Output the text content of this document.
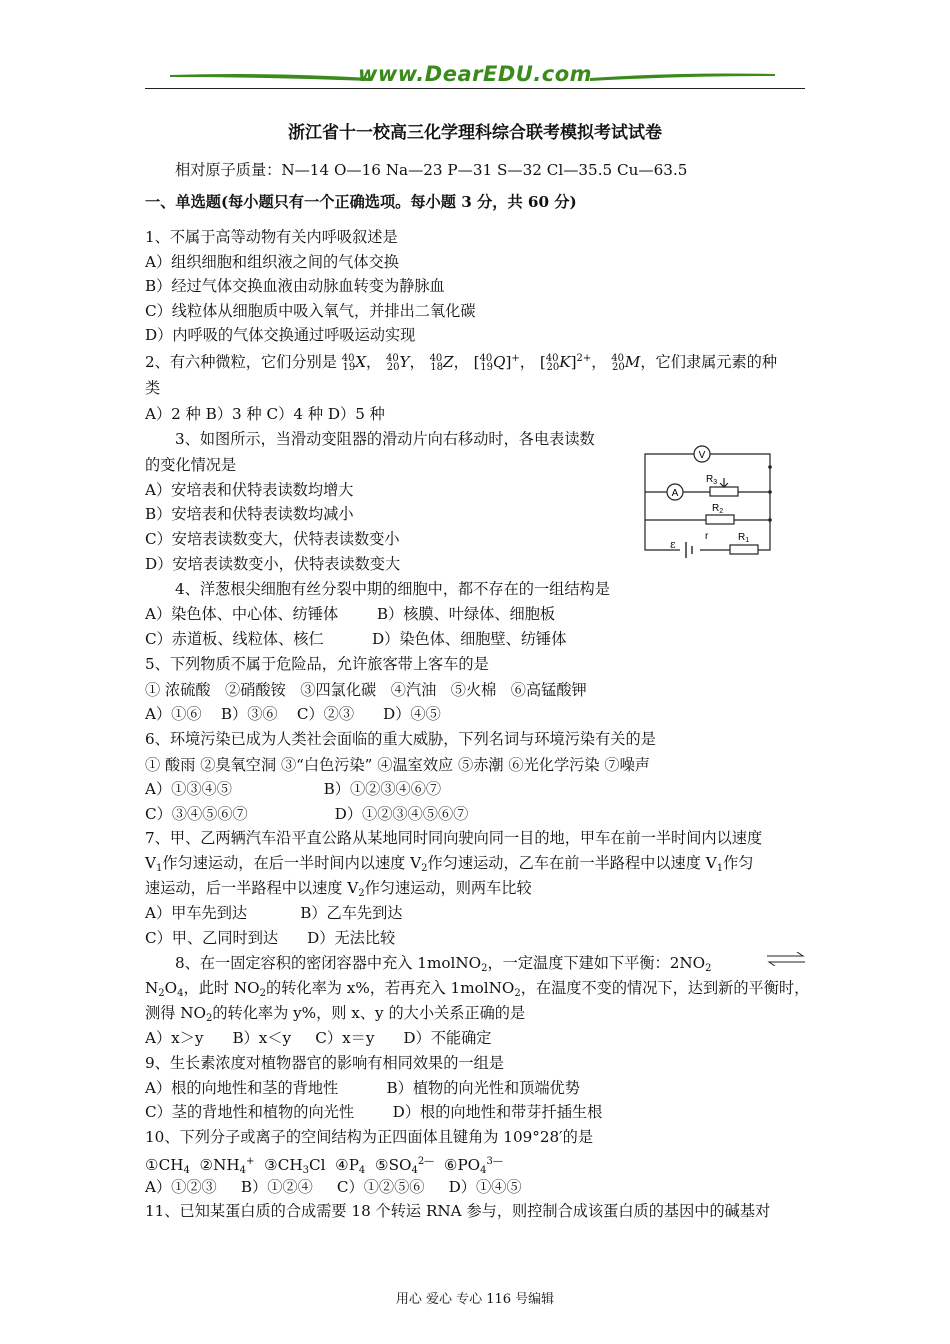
www.DearEDU.com
浙江省十一校高三化学理科综合联考模拟考试试卷
相对原子质量：N—14 O—16 Na—23 P—31 S—32 Cl—35.5 Cu—63.5
一、单选题(每小题只有一个正确选项。每小题 3 分，共 60 分)
1、不属于高等动物有关内呼吸叙述是
A）组织细胞和组织液之间的气体交换
B）经过气体交换血液由动脉血转变为静脉血
C）线粒体从细胞质中吸入氧气，并排出二氧化碳
D）内呼吸的气体交换通过呼吸运动实现
2、有六种微粒，它们分别是 $^{40}_{19}$X， $^{40}_{20}$Y， $^{40}_{18}$Z， [$^{40}_{19}$Q]+， $[^{40}_{20}K]^{2+}$， $^{40}_{20}$M，它们隶属元素的种
类
A）2 种 B）3 种 C）4 种 D）5 种
3、如图所示，当滑动变阻器的滑动片向右移动时，各电表读数
的变化情况是
A）安培表和伏特表读数均增大
B）安培表和伏特表读数均减小
C）安培表读数变大，伏特表读数变小
D）安培表读数变小，伏特表读数变大
V
A
$R_3$
$R_2$
ε
r	$R_1$
4、洋葱根尖细胞有丝分裂中期的细胞中，都不存在的一组结构是
A）染色体、中心体、纺锤体        B）核膜、叶绿体、细胞板
C）赤道板、线粒体、核仁          D）染色体、细胞壁、纺锤体
5、下列物质不属于危险品，允许旅客带上客车的是
① 浓硫酸   ②硝酸铵   ③四氯化碳   ④汽油   ⑤火棉   ⑥高锰酸钾
A）①⑥    B）③⑥    C）②③      D）④⑤
6、环境污染已成为人类社会面临的重大威胁，下列名词与环境污染有关的是
① 酸雨 ②臭氧空洞 ③“白色污染” ④温室效应 ⑤赤潮 ⑥光化学污染 ⑦噪声
A）①③④⑤                   B）①②③④⑥⑦
C）③④⑤⑥⑦                  D）①②③④⑤⑥⑦
7、甲、乙两辆汽车沿平直公路从某地同时同向驶向同一目的地，甲车在前一半时间内以速度
$V_1$作匀速运动，在后一半时间内以速度 $V_2$作匀速运动，乙车在前一半路程中以速度 $V_1$作匀
速运动，后一半路程中以速度 $V_2$作匀速运动，则两车比较
A）甲车先到达           B）乙车先到达
C）甲、乙同时到达      D）无法比较
8、在一固定容积的密闭容器中充入 1molNO$_2$，一定温度下建如下平衡：$2NO_2$
$N_2O_4$，此时 $NO_2$的转化率为 x%，若再充入 1molNO$_2$，在温度不变的情况下，达到新的平衡时，
测得 $NO_2$的转化率为 y%，则 x、y 的大小关系正确的是
A）x＞y      B）x＜y     C）x＝y      D）不能确定
9、生长素浓度对植物器官的影响有相同效果的一组是
A）根的向地性和茎的背地性          B）植物的向光性和顶端优势
C）茎的背地性和植物的向光性        D）根的向地性和带芽扦插生根
10、下列分子或离子的空间结构为正四面体且键角为 109°28′的是
$①CH_4$  $②NH_4^+$  $③CH_3Cl$  $④P_4$  $⑤SO_4^{2—}$  $⑥PO_4^{3—}$
A）①②③     B）①②④     C）①②⑤⑥     D）①④⑤
11、已知某蛋白质的合成需要 18 个转运 RNA 参与，则控制合成该蛋白质的基因中的碱基对
用心 爱心 专心 116 号编辑
